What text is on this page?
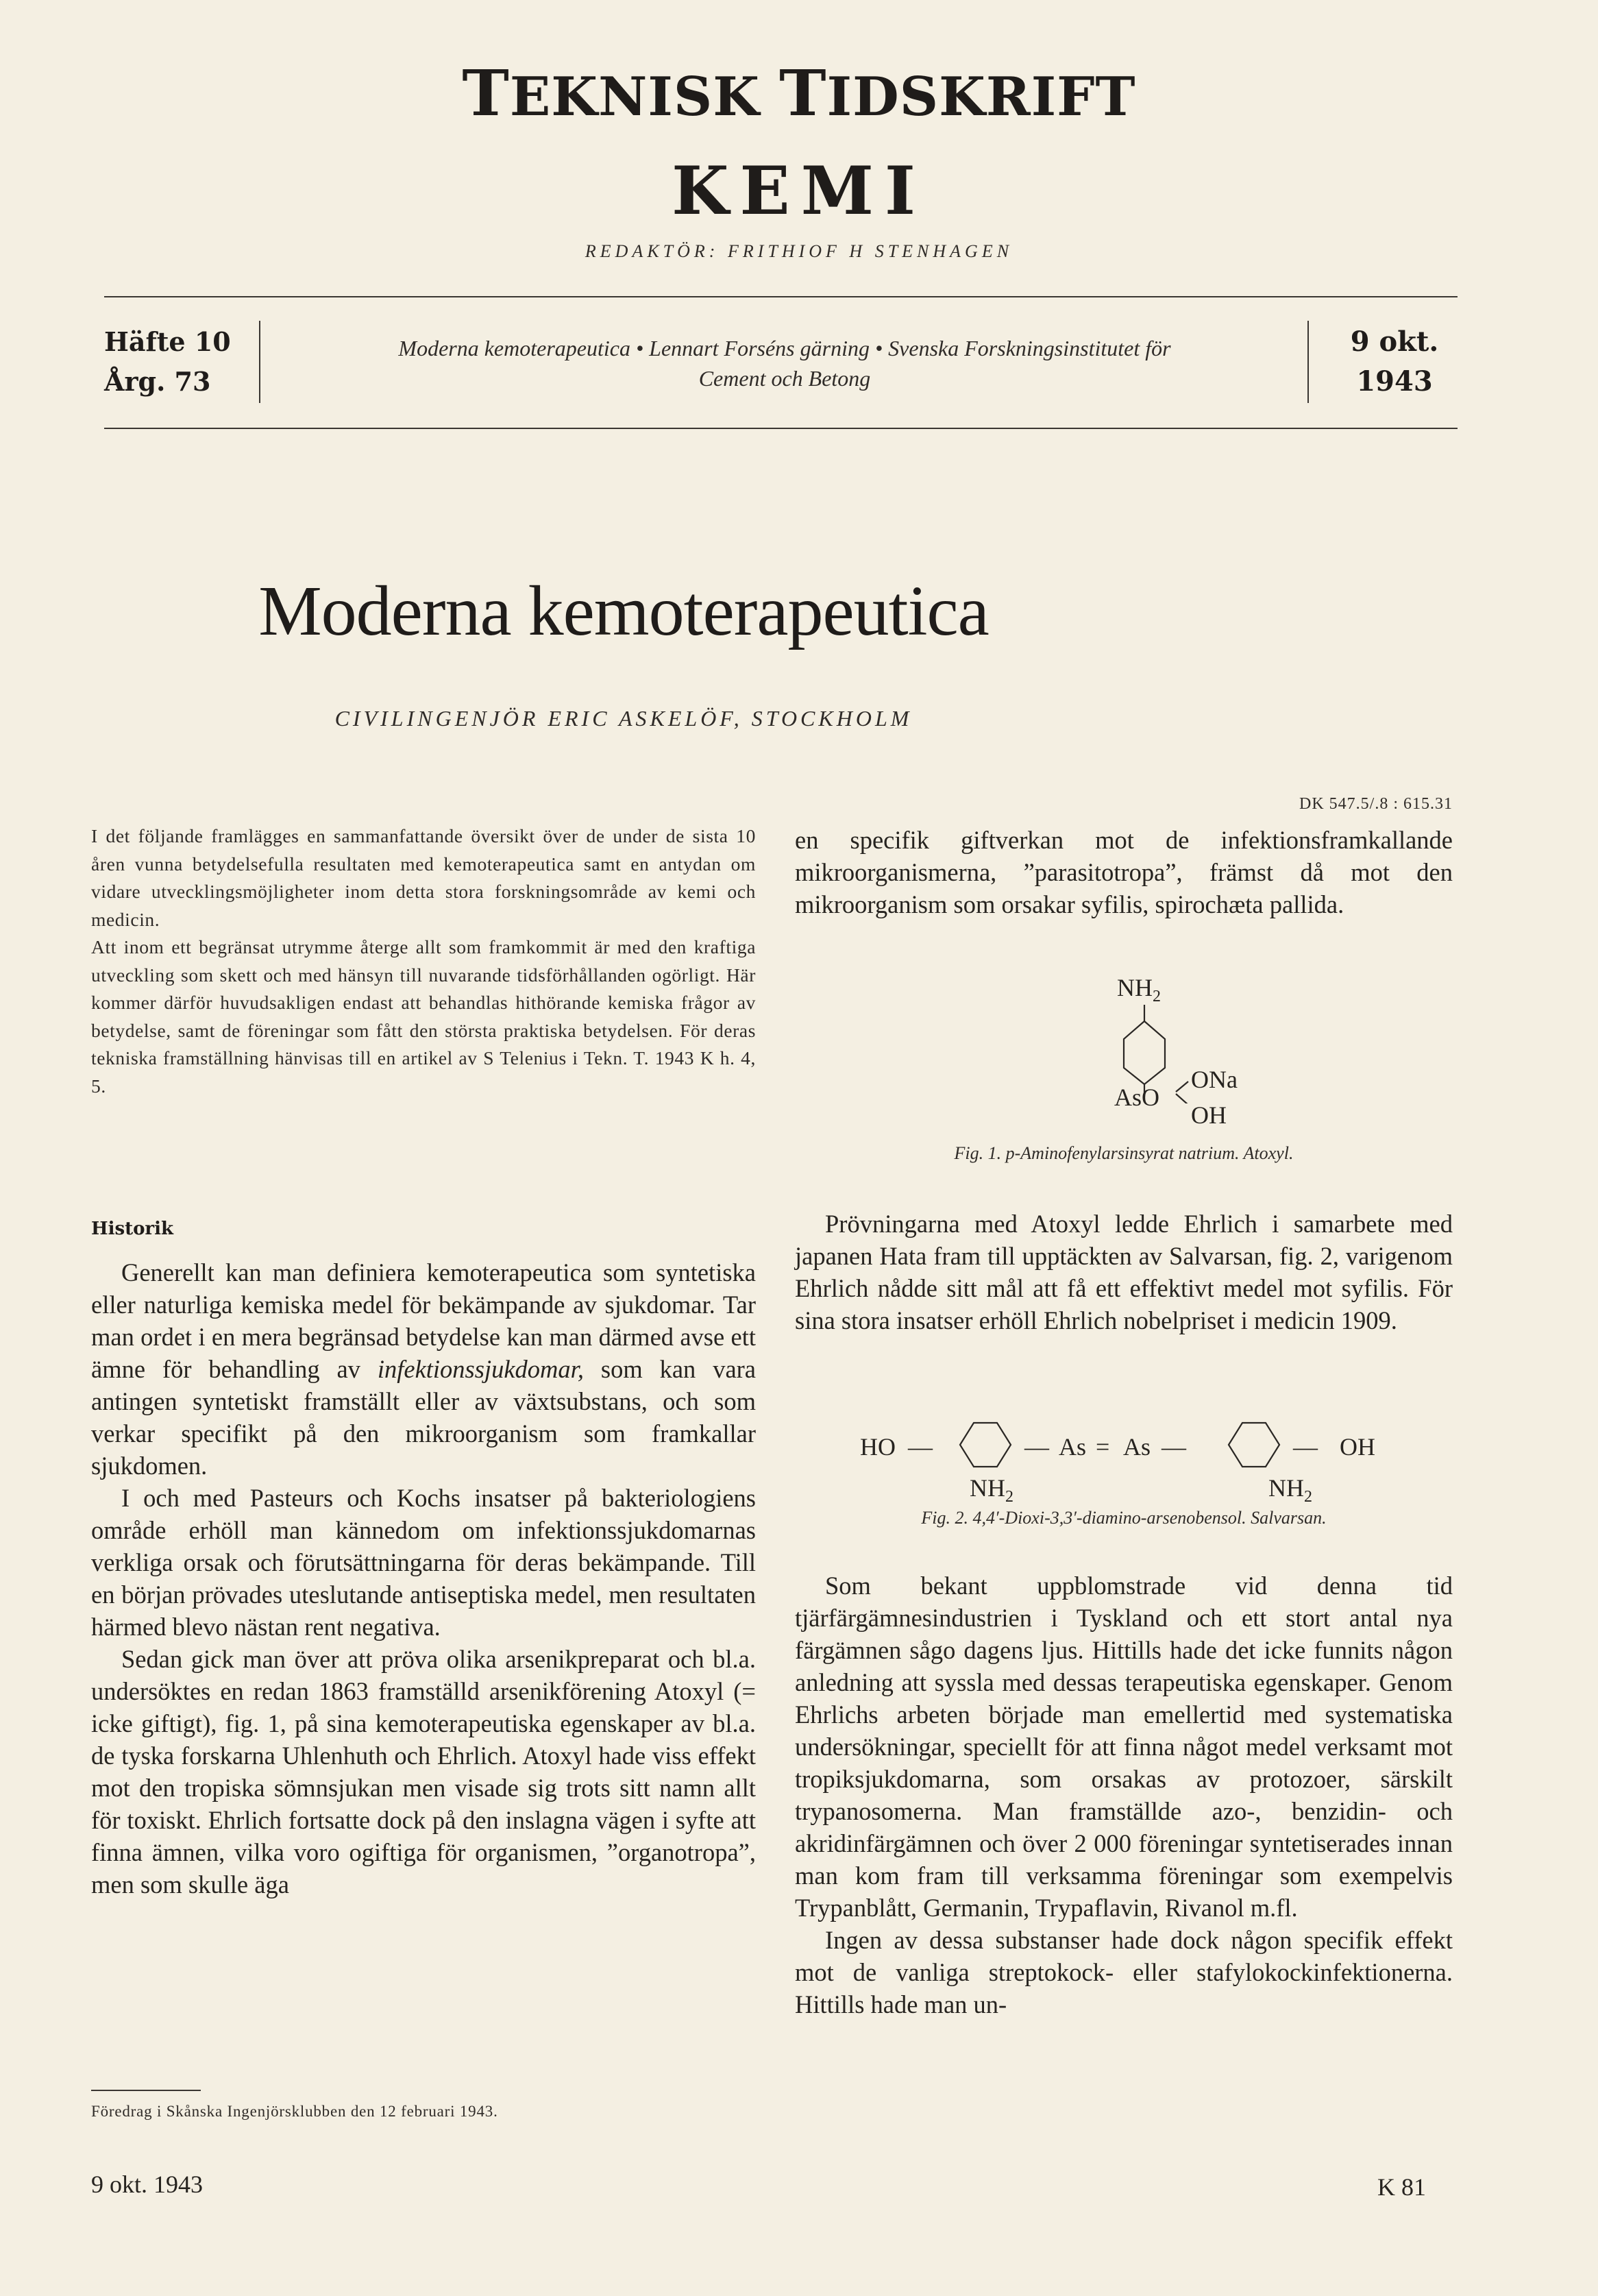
TEKNISK TIDSKRIFT
KEMI
REDAKTÖR: FRITHIOF H STENHAGEN
Häfte 10
Årg. 73
Moderna kemoterapeutica • Lennart Forséns gärning • Svenska Forskningsinstitutet för
Cement och Betong
9 okt.
1943
Moderna kemoterapeutica
CIVILINGENJÖR ERIC ASKELÖF, STOCKHOLM
DK 547.5/.8 : 615.31

I det följande framlägges en sammanfattande översikt över de under de sista 10 åren vunna betydelsefulla resultaten med kemoterapeutica samt en antydan om vidare utvecklingsmöjligheter inom detta stora forskningsområde av kemi och medicin.

Att inom ett begränsat utrymme återge allt som framkommit är med den kraftiga utveckling som skett och med hänsyn till nuvarande tidsförhållanden ogörligt. Här kommer därför huvudsakligen endast att behandlas hithörande kemiska frågor av betydelse, samt de föreningar som fått den största praktiska betydelsen. För deras tekniska framställning hänvisas till en artikel av S Telenius i Tekn. T. 1943 K h. 4, 5.

Historik

Generellt kan man definiera kemoterapeutica som syntetiska eller naturliga kemiska medel för bekämpande av sjukdomar. Tar man ordet i en mera begränsad betydelse kan man därmed avse ett ämne för behandling av infektionssjukdomar, som kan vara antingen syntetiskt framställt eller av växtsubstans, och som verkar specifikt på den mikroorganism som framkallar sjukdomen.

I och med Pasteurs och Kochs insatser på bakteriologiens område erhöll man kännedom om infektionssjukdomarnas verkliga orsak och förutsättningarna för deras bekämpande. Till en början prövades uteslutande antiseptiska medel, men resultaten härmed blevo nästan rent negativa.

Sedan gick man över att pröva olika arsenikpreparat och bl.a. undersöktes en redan 1863 framställd arsenikförening Atoxyl (= icke giftigt), fig. 1, på sina kemoterapeutiska egenskaper av bl.a. de tyska forskarna Uhlenhuth och Ehrlich. Atoxyl hade viss effekt mot den tropiska sömnsjukan men visade sig trots sitt namn allt för toxiskt. Ehrlich fortsatte dock på den inslagna vägen i syfte att finna ämnen, vilka voro ogiftiga för organismen, ”organotropa”, men som skulle äga

Föredrag i Skånska Ingenjörsklubben den 12 februari 1943.

en specifik giftverkan mot de infektionsframkallande mikroorganismerna, ”parasitotropa”, främst då mot den mikroorganism som orsakar syfilis, spirochæta pallida.

$NH_2$
AsO
ONa
OH
Fig. 1. p-Aminofenylarsinsyrat natrium. Atoxyl.

Prövningarna med Atoxyl ledde Ehrlich i samarbete med japanen Hata fram till upptäckten av Salvarsan, fig. 2, varigenom Ehrlich nådde sitt mål att få ett effektivt medel mot syfilis. För sina stora insatser erhöll Ehrlich nobelpriset i medicin 1909.

HO —	— As = As —	— OH
$NH_2$	$NH_2$
Fig. 2. 4,4′-Dioxi-3,3′-diamino-arsenobensol. Salvarsan.

Som bekant uppblomstrade vid denna tid tjärfärgämnesindustrien i Tyskland och ett stort antal nya färgämnen sågo dagens ljus. Hittills hade det icke funnits någon anledning att syssla med dessas terapeutiska egenskaper. Genom Ehrlichs arbeten började man emellertid med systematiska undersökningar, speciellt för att finna något medel verksamt mot tropiksjukdomarna, som orsakas av protozoer, särskilt trypanosomerna. Man framställde azo-, benzidin- och akridinfärgämnen och över 2 000 föreningar syntetiserades innan man kom fram till verksamma föreningar som exempelvis Trypanblått, Germanin, Trypaflavin, Rivanol m.fl.

Ingen av dessa substanser hade dock någon specifik effekt mot de vanliga streptokock- eller stafylokockinfektionerna. Hittills hade man un-

9 okt. 1943	K 81
